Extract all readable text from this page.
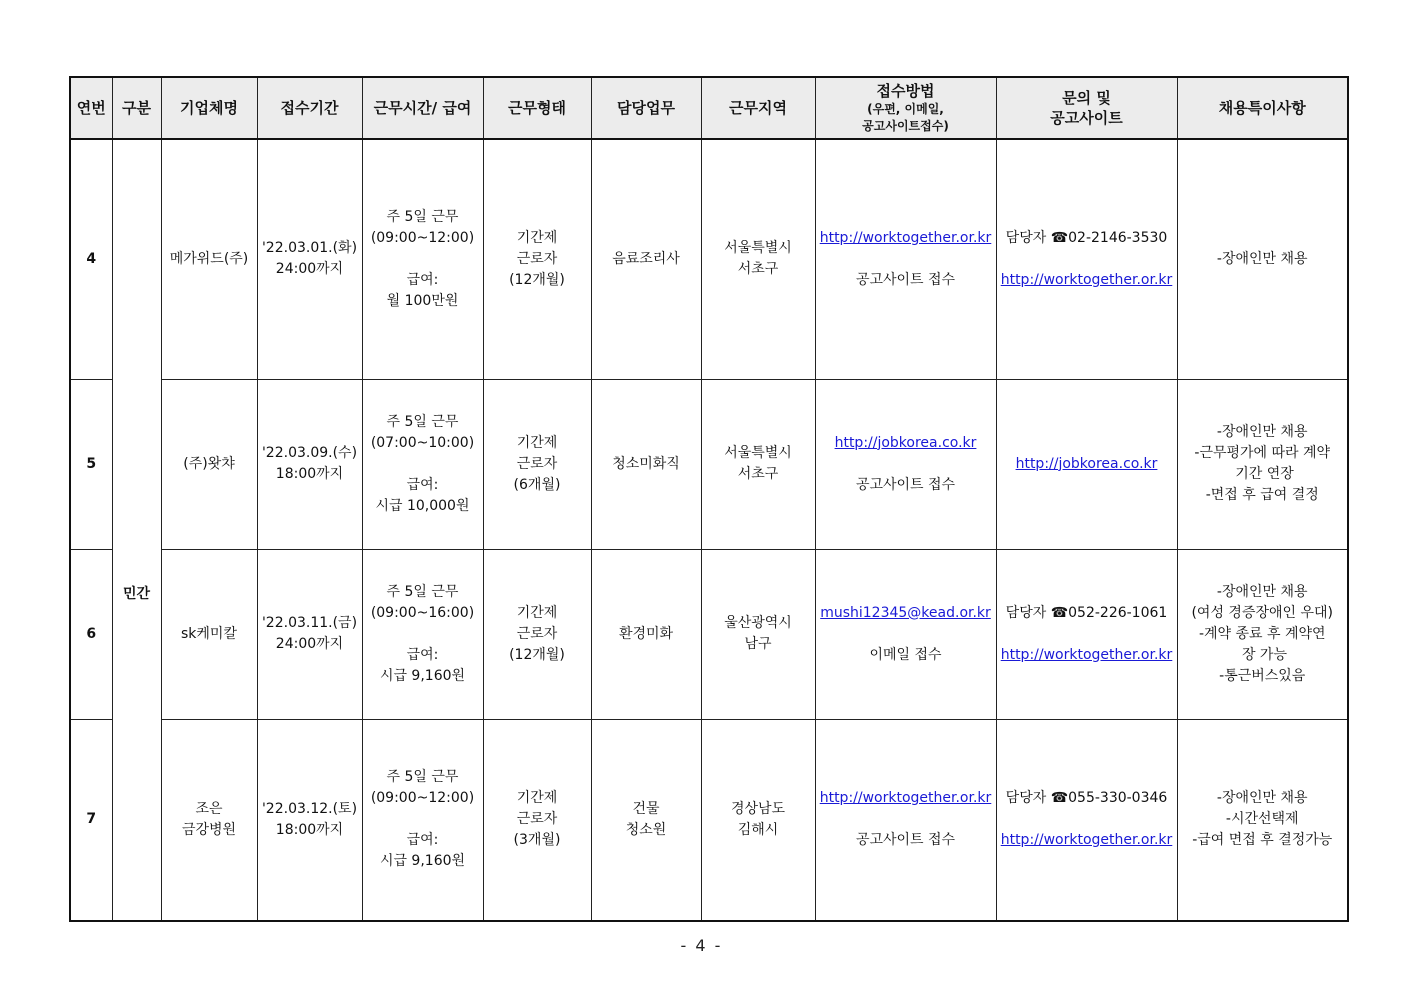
연번	구분	기업체명	접수기간	근무시간/ 급여	근무형태	담당업무	근무지역	접수방법
(우편, 이메일,
공고사이트접수)	문의 및
공고사이트	채용특이사항
4	민간	메가위드(주)	'22.03.01.(화)
24:00까지	주 5일 근무
(09:00~12:00)
급여:
월 100만원	기간제
근로자
(12개월)	음료조리사	서울특별시
서초구	http://worktogether.or.kr
공고사이트 접수	담당자 ☎02-2146-3530
http://worktogether.or.kr	-장애인만 채용

5		(주)왓챠	'22.03.09.(수)
18:00까지	주 5일 근무
(07:00~10:00)
급여:
시급 10,000원	기간제
근로자
(6개월)	청소미화직	서울특별시
서초구	http://jobkorea.co.kr
공고사이트 접수	http://jobkorea.co.kr	-장애인만 채용
-근무평가에 따라 계약
기간 연장
-면접 후 급여 결정

6		sk케미칼	'22.03.11.(금)
24:00까지	주 5일 근무
(09:00~16:00)
급여:
시급 9,160원	기간제
근로자
(12개월)	환경미화	울산광역시
남구	mushi12345@kead.or.kr
이메일 접수	담당자 ☎052-226-1061
http://worktogether.or.kr	-장애인만 채용
(여성 경증장애인 우대)
-계약 종료 후 계약연
장 가능
-통근버스있음

7		조은
금강병원	'22.03.12.(토)
18:00까지	주 5일 근무
(09:00~12:00)
급여:
시급 9,160원	기간제
근로자
(3개월)	건물
청소원	경상남도
김해시	http://worktogether.or.kr
공고사이트 접수	담당자 ☎055-330-0346
http://worktogether.or.kr	-장애인만 채용
-시간선택제
-급여 면접 후 결정가능
- 4 -
